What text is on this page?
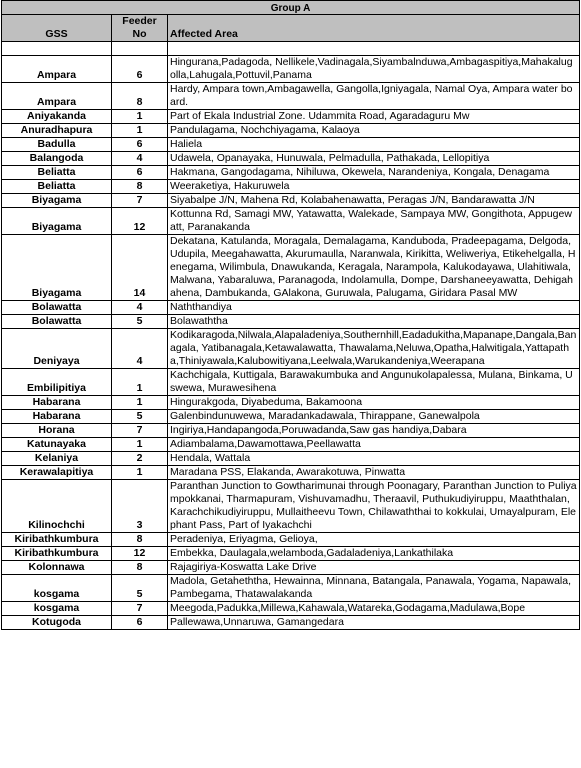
Group A		
GSS	Feeder No	Affected Area

Ampara	6	Hingurana,Padagoda, Nellikele,Vadinagala,Siyambalnduwa,Ambagaspitiya,Mahakalugolla,Lahugala,Pottuvil,Panama
Ampara	8	Hardy, Ampara town,Ambagawella, Gangolla,Igniyagala, Namal Oya, Ampara water board.
Aniyakanda	1	Part of Ekala Industrial Zone. Udammita Road, Agaradaguru Mw
Anuradhapura	1	Pandulagama, Nochchiyagama, Kalaoya
Badulla	6	Haliela
Balangoda	4	Udawela, Opanayaka, Hunuwala, Pelmadulla, Pathakada, Lellopitiya
Beliatta	6	Hakmana, Gangodagama, Nihiluwa, Okewela, Narandeniya, Kongala, Denagama
Beliatta	8	Weeraketiya, Hakuruwela
Biyagama	7	Siyabalpe J/N, Mahena Rd, Kolabahenawatta, Peragas J/N, Bandarawatta J/N
Biyagama	12	Kottunna Rd, Samagi MW, Yatawatta, Walekade, Sampaya MW, Gongithota, Appugewatt, Paranakanda
Biyagama	14	Dekatana, Katulanda, Moragala, Demalagama, Kanduboda, Pradeepagama, Delgoda, Udupila, Meegahawatta, Akurumaulla, Naranwala, Kirikitta, Weliweriya, Etikehelgalla, Henegama, Wilimbula, Dnawukanda, Keragala, Narampola, Kalukodayawa, Ulahitiwala, Malwana, Yabaraluwa, Paranagoda, Indolamulla, Dompe, Darshaneeyawatta, Dehigahahena, Dambukanda, GAlakona, Guruwala, Palugama, Giridara Pasal MW
Bolawatta	4	Naththandiya
Bolawatta	5	Bolawaththa
Deniyaya	4	Kodikaragoda,Nilwala,Alapaladeniya,Southernhill,Eadadukitha,Mapanape,Dangala,Banagala, Yatibanagala,Ketawalawatta, Thawalama,Neluwa,Opatha,Halwitigala,Yattapatha,Thiniyawala,Kalubowitiyana,Leelwala,Warukandeniya,Weerapana
Embilipitiya	1	Kachchigala, Kuttigala, Barawakumbuka and Angunukolapalessa, Mulana, Binkama, Uswewa, Murawesihena
Habarana	1	Hingurakgoda, Diyabeduma, Bakamoona
Habarana	5	Galenbindunuwewa, Maradankadawala, Thirappane, Ganewalpola
Horana	7	Ingiriya,Handapangoda,Poruwadanda,Saw gas handiya,Dabara
Katunayaka	1	Adiambalama,Dawamottawa,Peellawatta
Kelaniya	2	Hendala, Wattala
Kerawalapitiya	1	Maradana PSS, Elakanda, Awarakotuwa, Pinwatta
Kilinochchi	3	Paranthan Junction to Gowtharimunai through Poonagary, Paranthan Junction to Puliyampokkanai, Tharmapuram, Vishuvamadhu, Theraavil, Puthukudiyiruppu, Maaththalan, Karachchikudiyiruppu, Mullaitheevu Town, Chilawaththai to kokkulai, Umayalpuram, Elephant Pass, Part of Iyakachchi
Kiribathkumbura	8	Peradeniya, Eriyagma, Gelioya,
Kiribathkumbura	12	Embekka, Daulagala,welamboda,Gadaladeniya,Lankathilaka
Kolonnawa	8	Rajagiriya-Koswatta Lake Drive
kosgama	5	Madola, Getaheththa, Hewainna, Minnana, Batangala, Panawala, Yogama, Napawala, Pambegama, Thatawalakanda
kosgama	7	Meegoda,Padukka,Millewa,Kahawala,Watareka,Godagama,Madulawa,Bope
Kotugoda	6	Pallewawa,Unnaruwa, Gamangedara
